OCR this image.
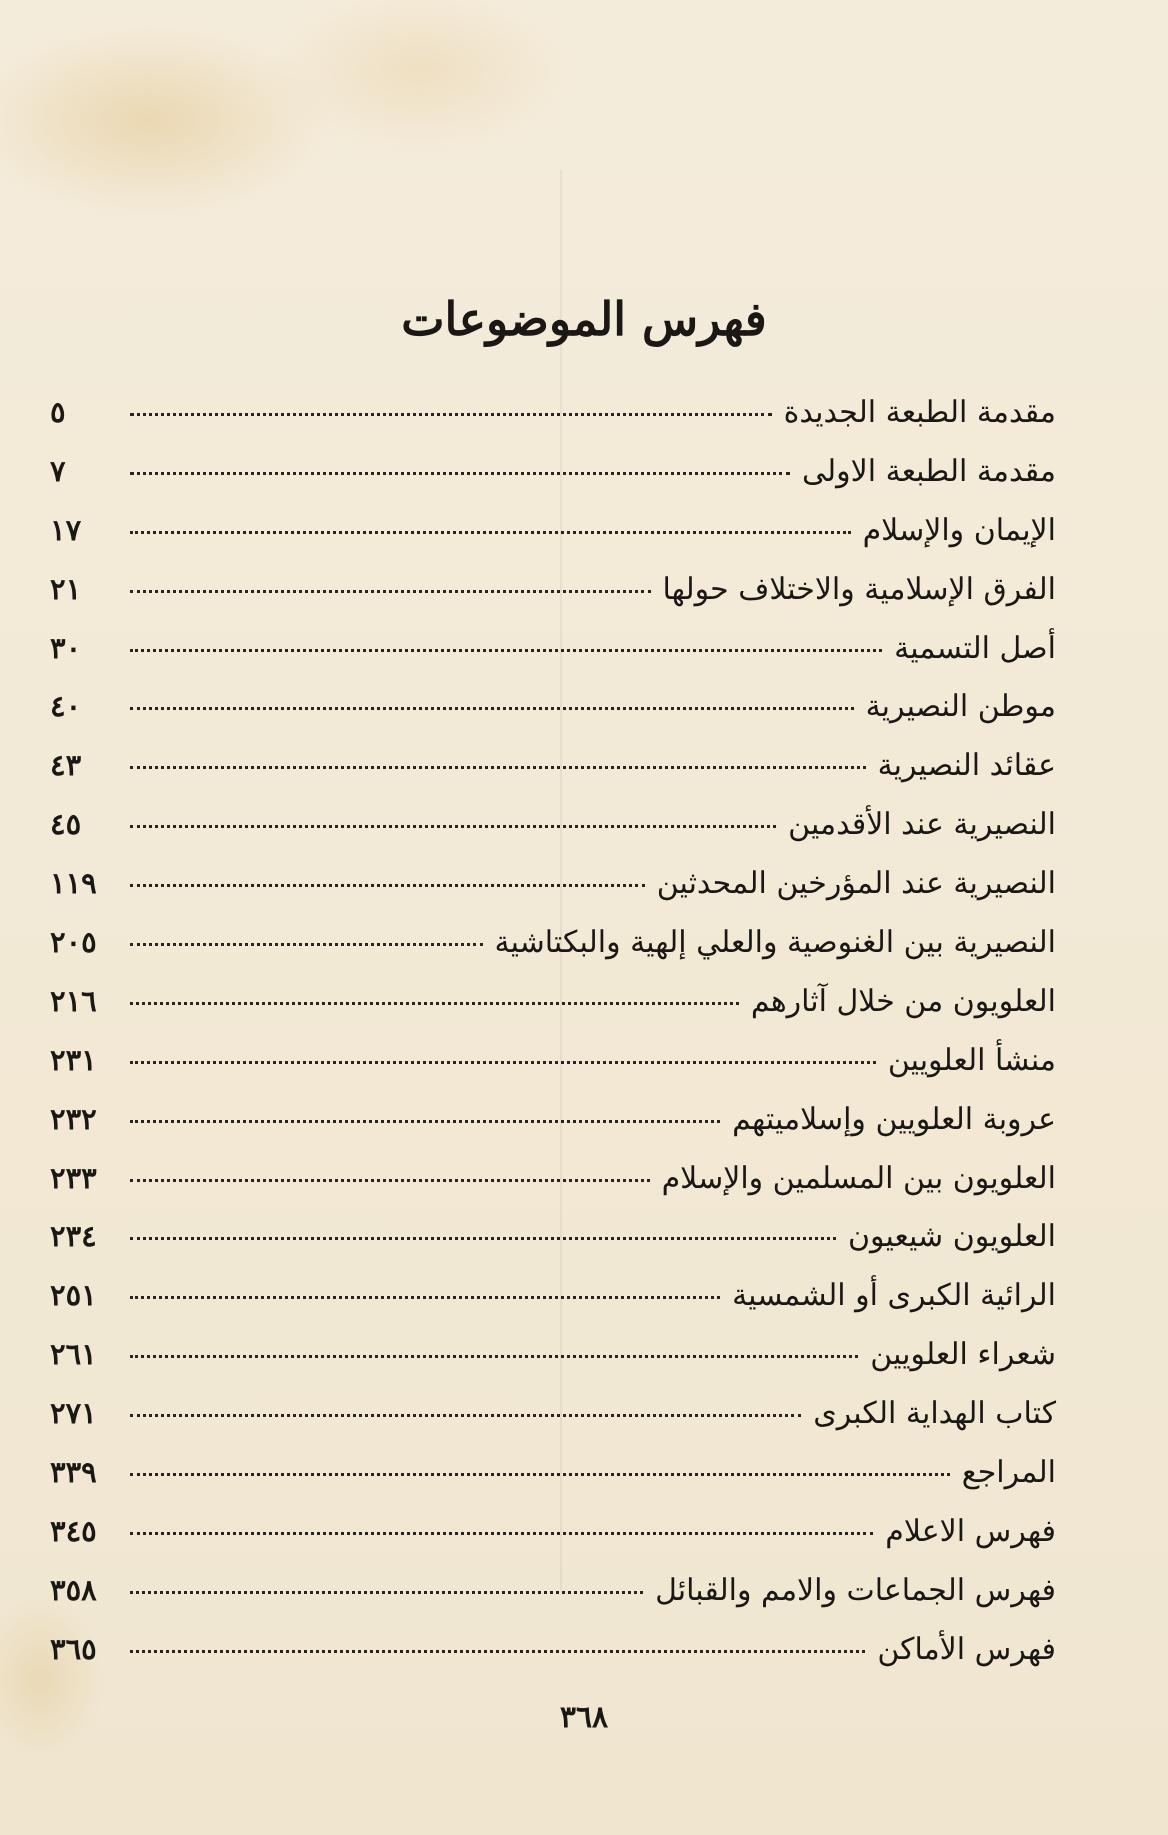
فهرس الموضوعات
مقدمة الطبعة الجديدة
٥
مقدمة الطبعة الاولى
٧
الإيمان والإسلام
١٧
الفرق الإسلامية والاختلاف حولها
٢١
أصل التسمية
٣٠
موطن النصيرية
٤٠
عقائد النصيرية
٤٣
النصيرية عند الأقدمين
٤٥
النصيرية عند المؤرخين المحدثين
١١٩
النصيرية بين الغنوصية والعلي إلهية والبكتاشية
٢٠٥
العلويون من خلال آثارهم
٢١٦
منشأ العلويين
٢٣١
عروبة العلويين وإسلاميتهم
٢٣٢
العلويون بين المسلمين والإسلام
٢٣٣
العلويون شيعيون
٢٣٤
الرائية الكبرى أو الشمسية
٢٥١
شعراء العلويين
٢٦١
كتاب الهداية الكبرى
٢٧١
المراجع
٣٣٩
فهرس الاعلام
٣٤٥
فهرس الجماعات والامم والقبائل
٣٥٨
فهرس الأماكن
٣٦٥
٣٦٨
